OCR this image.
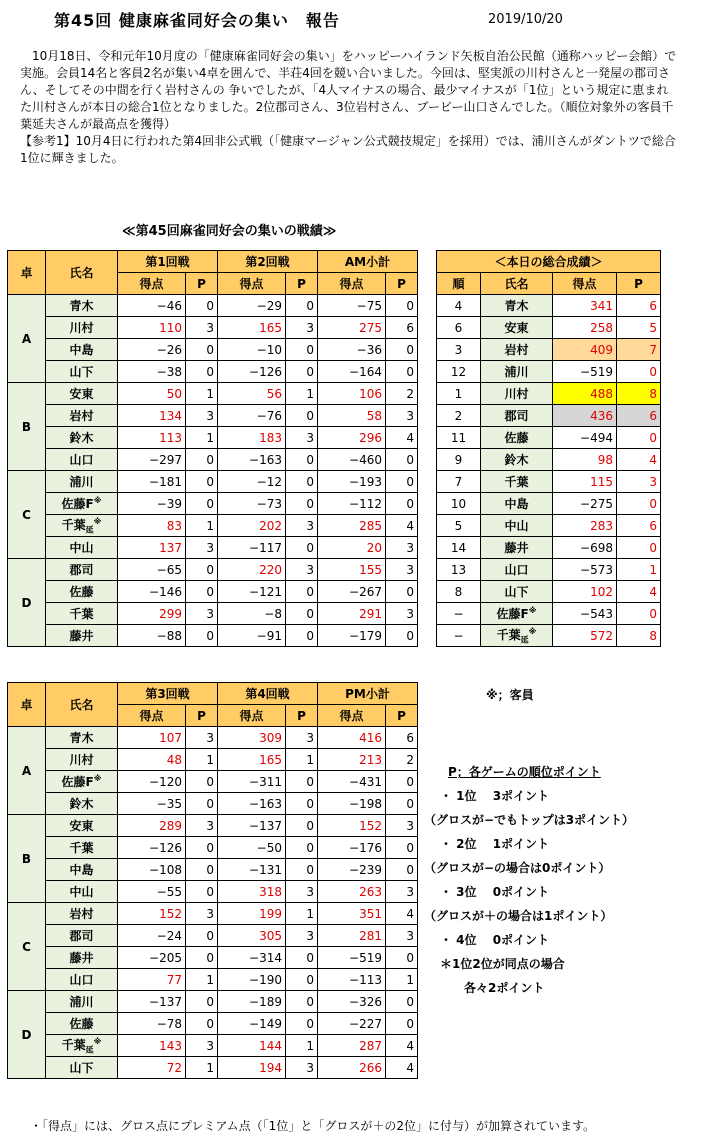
第45回 健康麻雀同好会の集い　報告	2019/10/20

　10月18日、令和元年10月度の「健康麻雀同好会の集い」をハッピーハイランド矢板自治公民館（通称ハッピー会館）で実施。会員14名と客員2名が集い4卓を囲んで、半荘4回を競い合いました。今回は、堅実派の川村さんと一発屋の郡司さん、そしてその中間を行く岩村さんの 争いでしたが、「4人マイナスの場合、最少マイナスが「1位」という規定に恵まれた川村さんが本日の総合1位となりました。2位郡司さん、3位岩村さん、ブービー山口さんでした。（順位対象外の客員千葉延夫さんが最高点を獲得）

【参考1】10月4日に行われた第4回非公式戦（「健康マージャン公式競技規定」を採用）では、浦川さんがダントツで総合1位に輝きました。

≪第45回麻雀同好会の集いの戦績≫
卓	氏名	第1回戦		第2回戦		AM小計	
		得点	P	得点	P	得点	P
A	青木	−46	0	−29	0	−75	0
	川村	110	3	165	3	275	6
	中島	−26	0	−10	0	−36	0
	山下	−38	0	−126	0	−164	0
B	安東	50	1	56	1	106	2
	岩村	134	3	−76	0	58	3
	鈴木	113	1	183	3	296	4
	山口	−297	0	−163	0	−460	0
C	浦川	−181	0	−12	0	−193	0
	佐藤F※	−39	0	−73	0	−112	0
	千葉$_延$※	83	1	202	3	285	4
	中山	137	3	−117	0	20	3
D	郡司	−65	0	220	3	155	3
	佐藤	−146	0	−121	0	−267	0
	千葉	299	3	−8	0	291	3
	藤井	−88	0	−91	0	−179	0
卓	氏名	第3回戦		第4回戦		PM小計	
		得点	P	得点	P	得点	P
A	青木	107	3	309	3	416	6
	川村	48	1	165	1	213	2
	佐藤F※	−120	0	−311	0	−431	0
	鈴木	−35	0	−163	0	−198	0
B	安東	289	3	−137	0	152	3
	千葉	−126	0	−50	0	−176	0
	中島	−108	0	−131	0	−239	0
	中山	−55	0	318	3	263	3
C	岩村	152	3	199	1	351	4
	郡司	−24	0	305	3	281	3
	藤井	−205	0	−314	0	−519	0
	山口	77	1	−190	0	−113	1
D	浦川	−137	0	−189	0	−326	0
	佐藤	−78	0	−149	0	−227	0
	千葉$_延$※	143	3	144	1	287	4
	山下	72	1	194	3	266	4
＜本日の総合成績＞			
順	氏名	得点	P
4	青木	341	6
6	安東	258	5
3	岩村	409	7
12	浦川	−519	0
1	川村	488	8
2	郡司	436	6
11	佐藤	−494	0
9	鈴木	98	4
7	千葉	115	3
10	中島	−275	0
5	中山	283	6
14	藤井	−698	0
13	山口	−573	1
8	山下	102	4
−	佐藤F※	−543	0
−	千葉$_延$※	572	8
※；客員
P；各ゲームの順位ポイント
・ 1位　 3ポイント
（グロスが−でもトップは3ポイント）
・ 2位　 1ポイント
（グロスが−の場合は0ポイント）
・ 3位　 0ポイント
（グロスが＋の場合は1ポイント）
・ 4位　 0ポイント
＊1位2位が同点の場合
各々2ポイント
・「得点」には、グロス点にプレミアム点（「1位」と「グロスが＋の2位」に付与）が加算されています。
